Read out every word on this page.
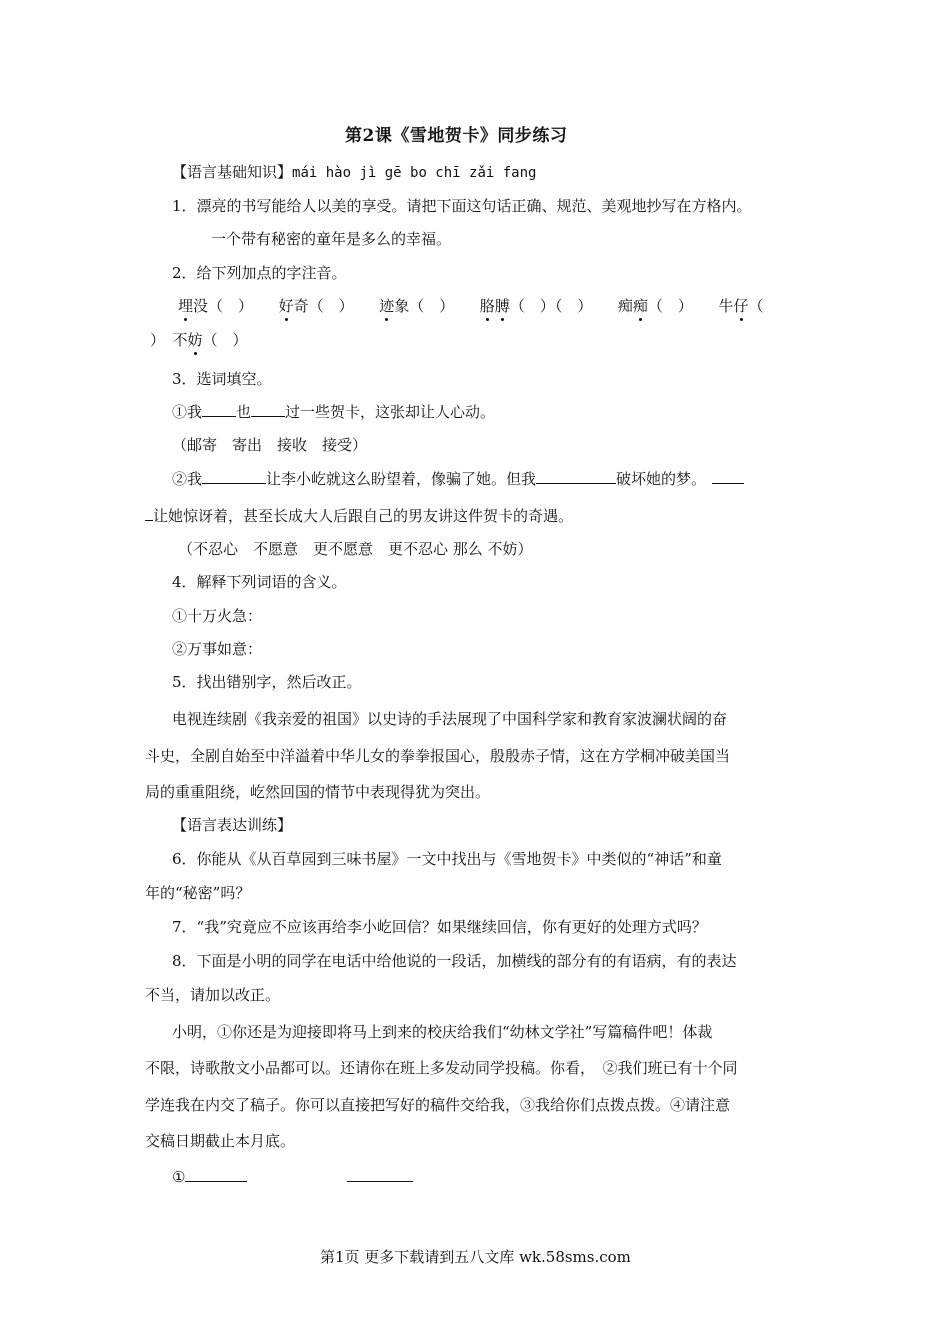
第2课《雪地贺卡》同步练习
【语言基础知识】mái hào jì gē bo chī zǎi fang
1．漂亮的书写能给人以美的享受。请把下面这句话正确、规范、美观地抄写在方格内。
一个带有秘密的童年是多么的幸福。
2．给下列加点的字注音。
埋没（　） 好奇（　） 迹象（　） 胳膊（　）（　） 痴痴（　） 牛仔（
）　不妨（　）
3．选词填空。
①我 也 过一些贺卡，这张却让人心动。
（邮寄　寄出　接收　接受）
②我	让李小屹就这么盼望着，像骗了她。但我	破坏她的梦。
让她惊讶着，甚至长成大人后跟自己的男友讲这件贺卡的奇遇。
（不忍心　不愿意　更不愿意　更不忍心 那么 不妨）
4．解释下列词语的含义。
①十万火急：
②万事如意：
5．找出错别字，然后改正。
电视连续剧《我亲爱的祖国》以史诗的手法展现了中国科学家和教育家波澜状阔的奋
斗史，全剧自始至中洋溢着中华儿女的拳拳报国心，殷殷赤子情，这在方学桐冲破美国当
局的重重阻绕，屹然回国的情节中表现得犹为突出。
【语言表达训练】
6．你能从《从百草园到三味书屋》一文中找出与《雪地贺卡》中类似的“神话”和童
年的“秘密”吗？
7．“我”究竟应不应该再给李小屹回信？如果继续回信，你有更好的处理方式吗？
8．下面是小明的同学在电话中给他说的一段话，加横线的部分有的有语病，有的表达
不当，请加以改正。
小明，①你还是为迎接即将马上到来的校庆给我们“幼林文学社”写篇稿件吧！体裁
不限，诗歌散文小品都可以。还请你在班上多发动同学投稿。你看，　②我们班已有十个同
学连我在内交了稿子。你可以直接把写好的稿件交给我，③我给你们点拨点拨。④请注意
交稿日期截止本月底。
①
第1页 更多下载请到五八文库 wk.58sms.com
